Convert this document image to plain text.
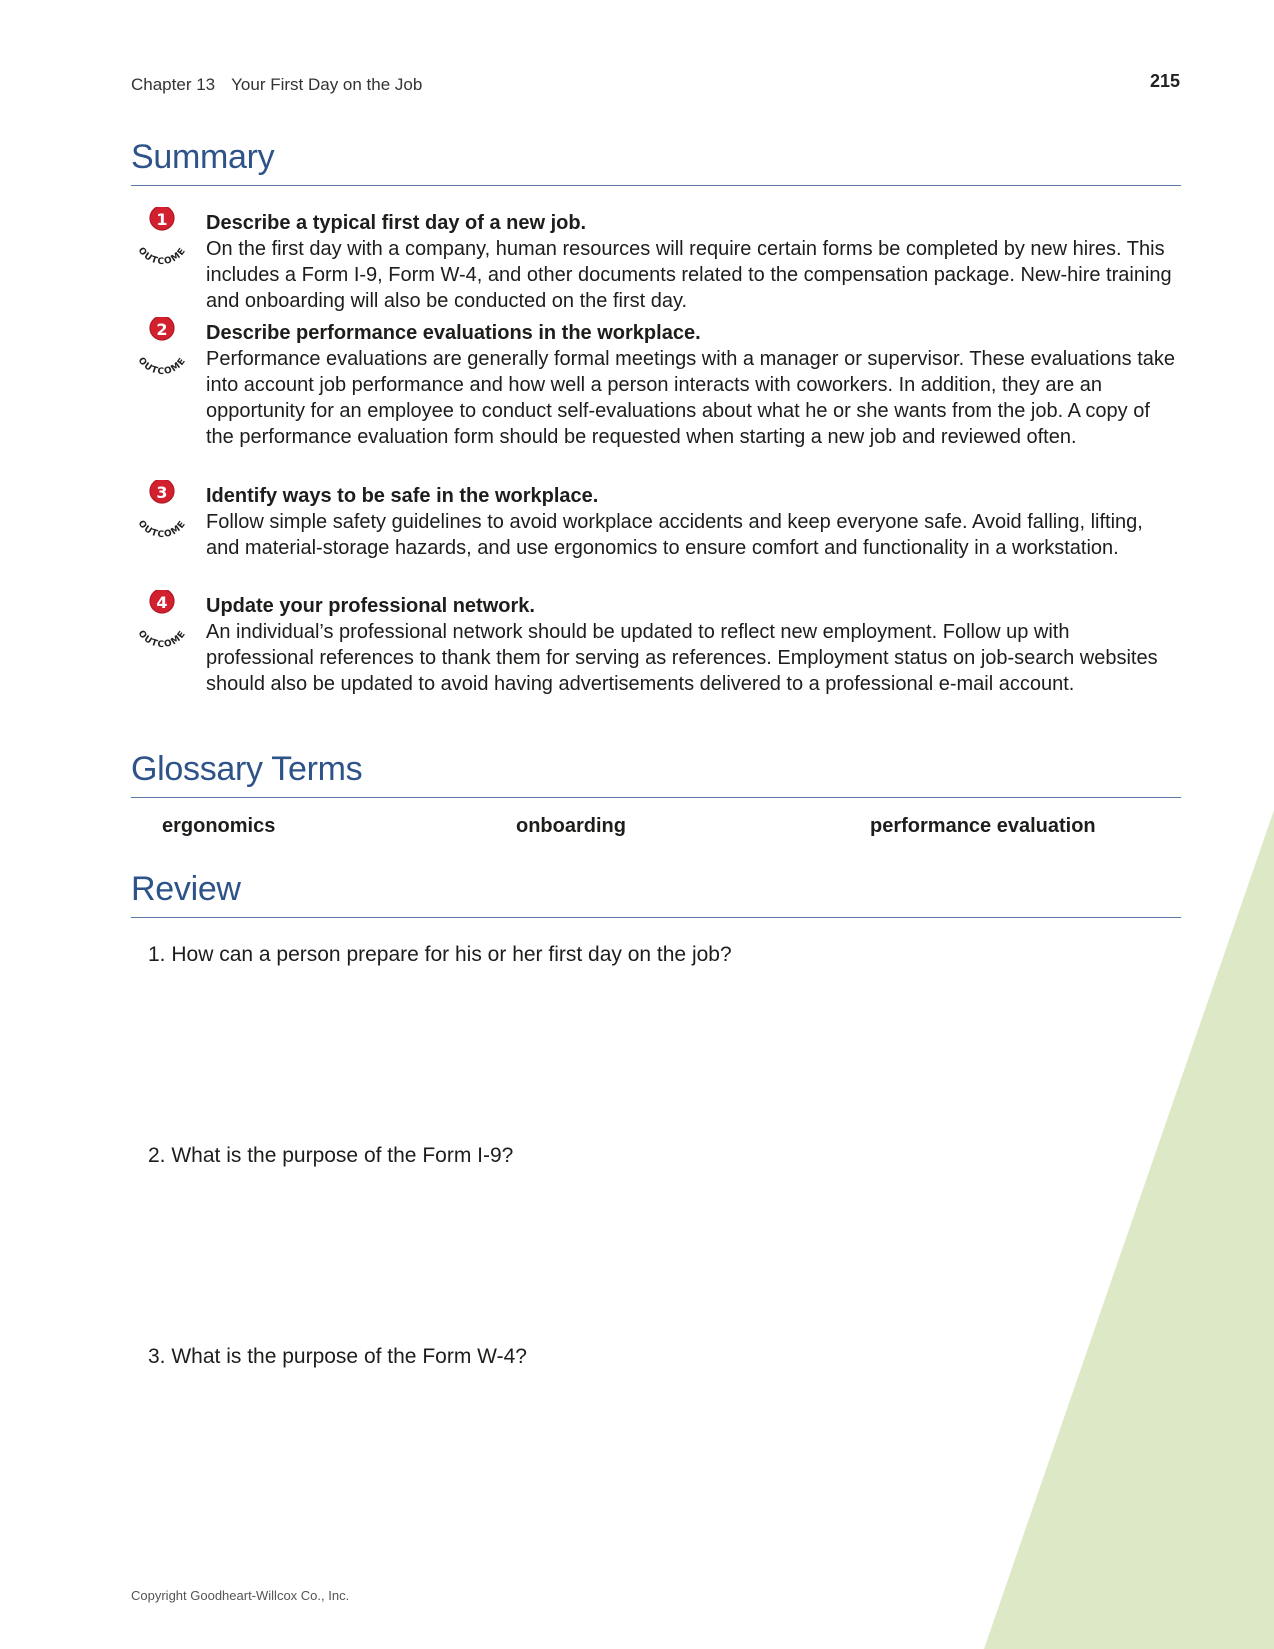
Chapter 13 Your First Day on the Job	215
Summary
1
OUTCOME
Describe a typical first day of a new job.
On the first day with a company, human resources will require certain forms be completed by new hires. This includes a Form I-9, Form W-4, and other documents related to the compensation package. New-hire training and onboarding will also be conducted on the first day.
2
OUTCOME
Describe performance evaluations in the workplace.
Performance evaluations are generally formal meetings with a manager or supervisor. These evaluations take into account job performance and how well a person interacts with coworkers. In addition, they are an opportunity for an employee to conduct self-evaluations about what he or she wants from the job. A copy of the performance evaluation form should be requested when starting a new job and reviewed often.
3
OUTCOME
Identify ways to be safe in the workplace.
Follow simple safety guidelines to avoid workplace accidents and keep everyone safe. Avoid falling, lifting, and material-storage hazards, and use ergonomics to ensure comfort and functionality in a workstation.
4
OUTCOME
Update your professional network.
An individual’s professional network should be updated to reflect new employment. Follow up with professional references to thank them for serving as references. Employment status on job-search websites should also be updated to avoid having advertisements delivered to a professional e-mail account.
Glossary Terms
ergonomics	onboarding	performance evaluation
Review
1. How can a person prepare for his or her first day on the job?
2. What is the purpose of the Form I-9?
3. What is the purpose of the Form W-4?
Copyright Goodheart-Willcox Co., Inc.
